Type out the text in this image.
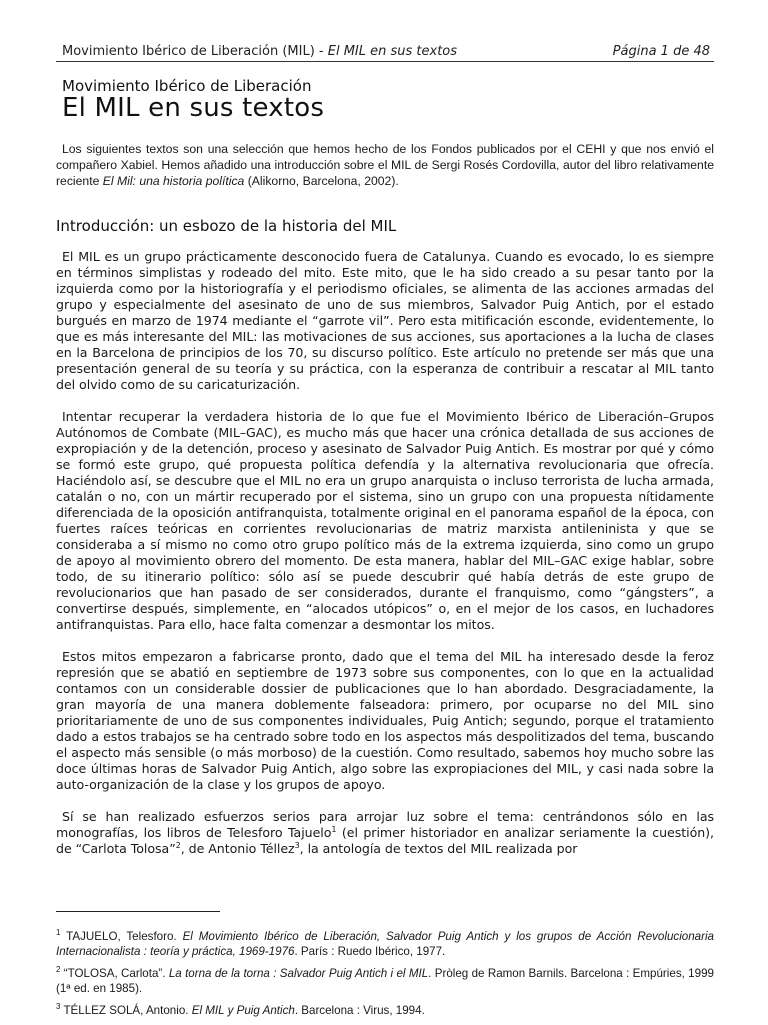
Movimiento Ibérico de Liberación (MIL) - El MIL en sus textos	Página 1 de 48
Movimiento Ibérico de Liberación
El MIL en sus textos
Los siguientes textos son una selección que hemos hecho de los Fondos publicados por el CEHI y que nos envió el compañero Xabiel. Hemos añadido una introducción sobre el MIL de Sergi Rosés Cordovilla, autor del libro relativamente reciente El Mil: una historia política (Alikorno, Barcelona, 2002).
Introducción: un esbozo de la historia del MIL

El MIL es un grupo prácticamente desconocido fuera de Catalunya. Cuando es evocado, lo es siempre en términos simplistas y rodeado del mito. Este mito, que le ha sido creado a su pesar tanto por la izquierda como por la historiografía y el periodismo oficiales, se alimenta de las acciones armadas del grupo y especialmente del asesinato de uno de sus miembros, Salvador Puig Antich, por el estado burgués en marzo de 1974 mediante el “garrote vil”. Pero esta mitificación esconde, evidentemente, lo que es más interesante del MIL: las motivaciones de sus acciones, sus aportaciones a la lucha de clases en la Barcelona de principios de los 70, su discurso político. Este artículo no pretende ser más que una presentación general de su teoría y su práctica, con la esperanza de contribuir a rescatar al MIL tanto del olvido como de su caricaturización.

Intentar recuperar la verdadera historia de lo que fue el Movimiento Ibérico de Liberación–Grupos Autónomos de Combate (MIL–GAC), es mucho más que hacer una crónica detallada de sus acciones de expropiación y de la detención, proceso y asesinato de Salvador Puig Antich. Es mostrar por qué y cómo se formó este grupo, qué propuesta política defendía y la alternativa revolucionaria que ofrecía. Haciéndolo así, se descubre que el MIL no era un grupo anarquista o incluso terrorista de lucha armada, catalán o no, con un mártir recuperado por el sistema, sino un grupo con una propuesta nítidamente diferenciada de la oposición antifranquista, totalmente original en el panorama español de la época, con fuertes raíces teóricas en corrientes revolucionarias de matriz marxista antileninista y que se consideraba a sí mismo no como otro grupo político más de la extrema izquierda, sino como un grupo de apoyo al movimiento obrero del momento. De esta manera, hablar del MIL–GAC exige hablar, sobre todo, de su itinerario político: sólo así se puede descubrir qué había detrás de este grupo de revolucionarios que han pasado de ser considerados, durante el franquismo, como “gángsters”, a convertirse después, simplemente, en “alocados utópicos” o, en el mejor de los casos, en luchadores antifranquistas. Para ello, hace falta comenzar a desmontar los mitos.

Estos mitos empezaron a fabricarse pronto, dado que el tema del MIL ha interesado desde la feroz represión que se abatió en septiembre de 1973 sobre sus componentes, con lo que en la actualidad contamos con un considerable dossier de publicaciones que lo han abordado. Desgraciadamente, la gran mayoría de una manera doblemente falseadora: primero, por ocuparse no del MIL sino prioritariamente de uno de sus componentes individuales, Puig Antich; segundo, porque el tratamiento dado a estos trabajos se ha centrado sobre todo en los aspectos más despolitizados del tema, buscando el aspecto más sensible (o más morboso) de la cuestión. Como resultado, sabemos hoy mucho sobre las doce últimas horas de Salvador Puig Antich, algo sobre las expropiaciones del MIL, y casi nada sobre la auto-organización de la clase y los grupos de apoyo.

Sí se han realizado esfuerzos serios para arrojar luz sobre el tema: centrándonos sólo en las monografías, los libros de Telesforo Tajuelo$^1$ (el primer historiador en analizar seriamente la cuestión), de “Carlota Tolosa”$^2$, de Antonio Téllez$^3$, la antología de textos del MIL realizada por

$^1$ TAJUELO, Telesforo. El Movimiento Ibérico de Liberación, Salvador Puig Antich y los grupos de Acción Revolucionaria Internacionalista : teoría y práctica, 1969-1976. París : Ruedo Ibérico, 1977.
$^2$ “TOLOSA, Carlota”. La torna de la torna : Salvador Puig Antich i el MIL. Pròleg de Ramon Barnils. Barcelona : Empúries, 1999 (1ª ed. en 1985).
$^3$ TÉLLEZ SOLÁ, Antonio. El MIL y Puig Antich. Barcelona : Virus, 1994.
